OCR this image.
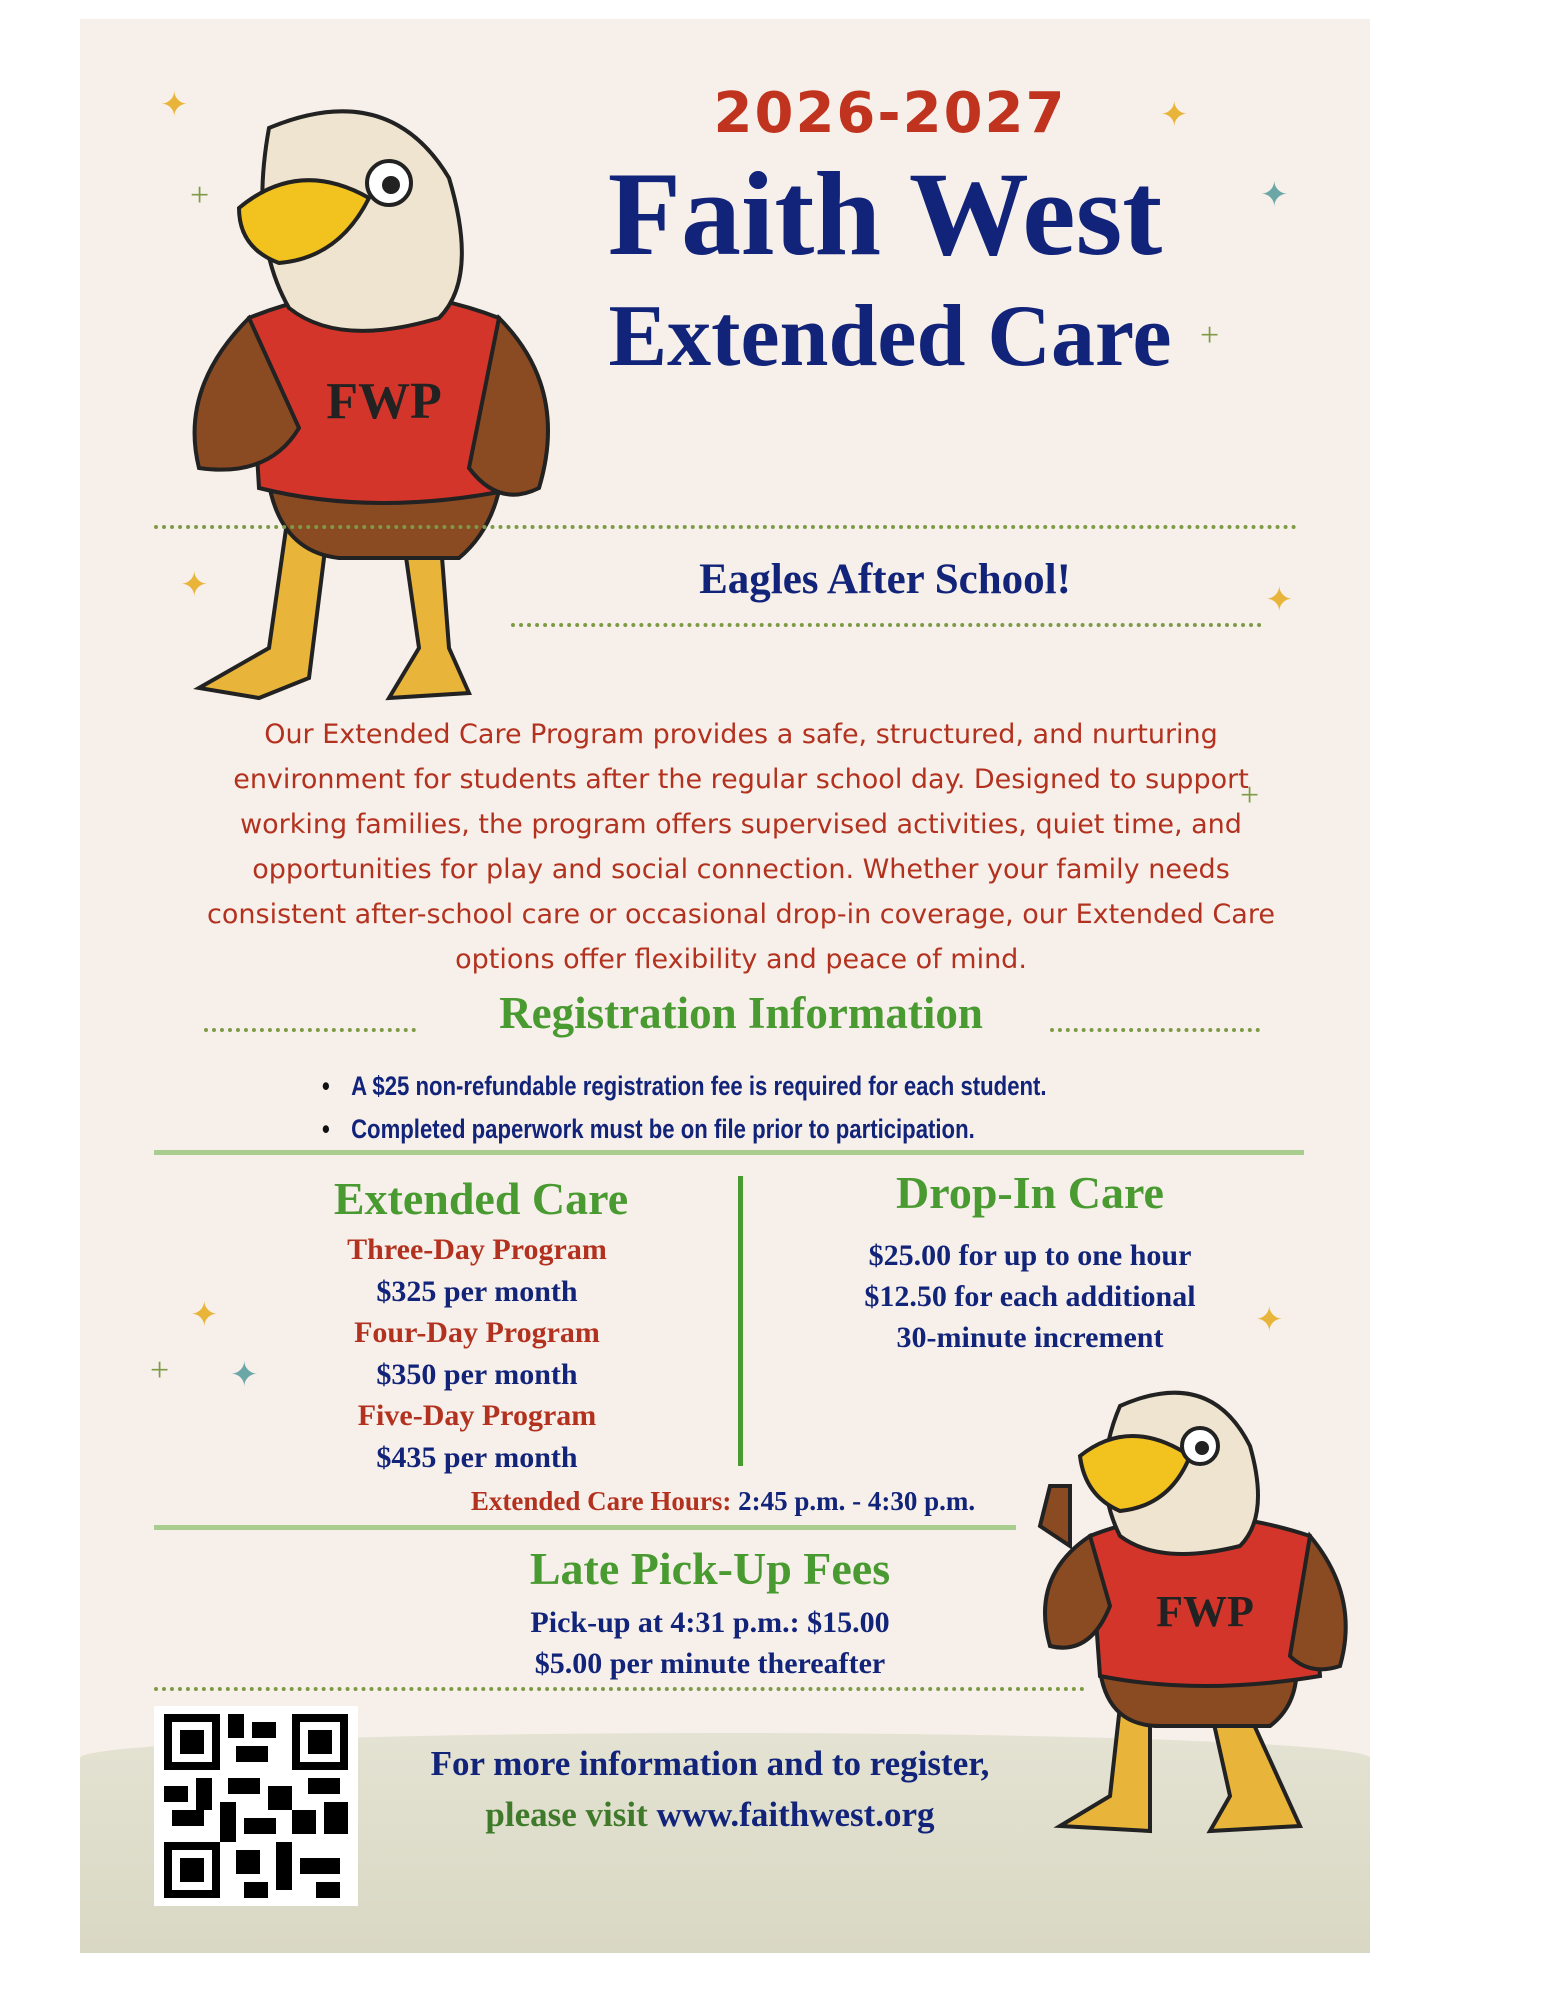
✦
+
✦
✦
+
✦
+
✦
✦
+ ✦
✦
FWP
2026-2027
Faith West
Extended Care
Eagles After School!
Our Extended Care Program provides a safe, structured, and nurturing environment for students after the regular school day. Designed to support working families, the program offers supervised activities, quiet time, and opportunities for play and social connection. Whether your family needs consistent after-school care or occasional drop-in coverage, our Extended Care options offer flexibility and peace of mind.
Registration Information
• A $25 non-refundable registration fee is required for each student.
• Completed paperwork must be on file prior to participation.
Extended Care
Three-Day Program
$325 per month
Four-Day Program
$350 per month
Five-Day Program
$435 per month
Drop-In Care
$25.00 for up to one hour
$12.50 for each additional
30-minute increment
Extended Care Hours: 2:45 p.m. - 4:30 p.m.
Late Pick-Up Fees
Pick-up at 4:31 p.m.: $15.00
$5.00 per minute thereafter
For more information and to register,
please visit www.faithwest.org
FWP
